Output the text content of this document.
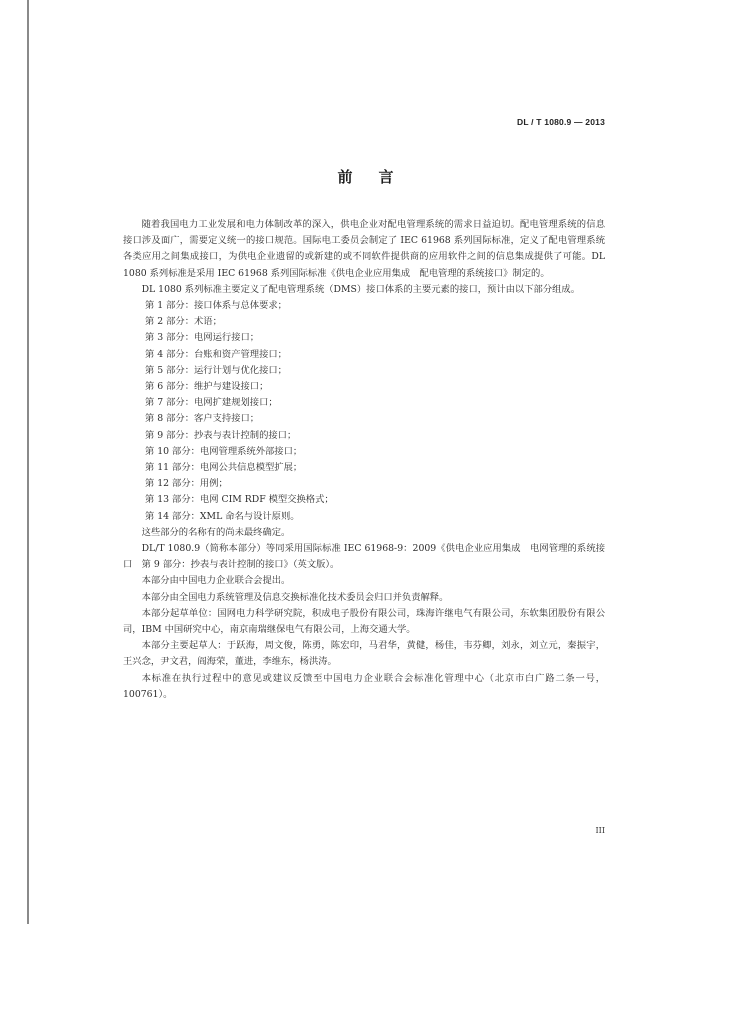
DL / T 1080.9 — 2013
前言

随着我国电力工业发展和电力体制改革的深入，供电企业对配电管理系统的需求日益迫切。配电管理系统的信息接口涉及面广，需要定义统一的接口规范。国际电工委员会制定了 IEC 61968 系列国际标准，定义了配电管理系统各类应用之间集成接口，为供电企业遗留的或新建的或不同软件提供商的应用软件之间的信息集成提供了可能。DL 1080 系列标准是采用 IEC 61968 系列国际标准《供电企业应用集成　配电管理的系统接口》制定的。

DL 1080 系列标准主要定义了配电管理系统（DMS）接口体系的主要元素的接口，预计由以下部分组成。

第 1 部分：接口体系与总体要求；
第 2 部分：术语；
第 3 部分：电网运行接口；
第 4 部分：台账和资产管理接口；
第 5 部分：运行计划与优化接口；
第 6 部分：维护与建设接口；
第 7 部分：电网扩建规划接口；
第 8 部分：客户支持接口；
第 9 部分：抄表与表计控制的接口；
第 10 部分：电网管理系统外部接口；
第 11 部分：电网公共信息模型扩展；
第 12 部分：用例；
第 13 部分：电网 CIM RDF 模型交换格式；
第 14 部分：XML 命名与设计原则。

这些部分的名称有的尚未最终确定。

DL/T 1080.9（简称本部分）等同采用国际标准 IEC 61968-9：2009《供电企业应用集成　电网管理的系统接口　第 9 部分：抄表与表计控制的接口》（英文版）。

本部分由中国电力企业联合会提出。

本部分由全国电力系统管理及信息交换标准化技术委员会归口并负责解释。

本部分起草单位：国网电力科学研究院，积成电子股份有限公司，珠海许继电气有限公司，东软集团股份有限公司，IBM 中国研究中心，南京南瑞继保电气有限公司，上海交通大学。

本部分主要起草人：于跃海，周文俊，陈勇，陈宏印，马君华，黄健，杨佳，韦芬卿，刘永，刘立元，秦振宇，王兴念，尹文君，阎海荣，董进，李维东，杨洪涛。

本标准在执行过程中的意见或建议反馈至中国电力企业联合会标准化管理中心（北京市白广路二条一号，100761）。

III
